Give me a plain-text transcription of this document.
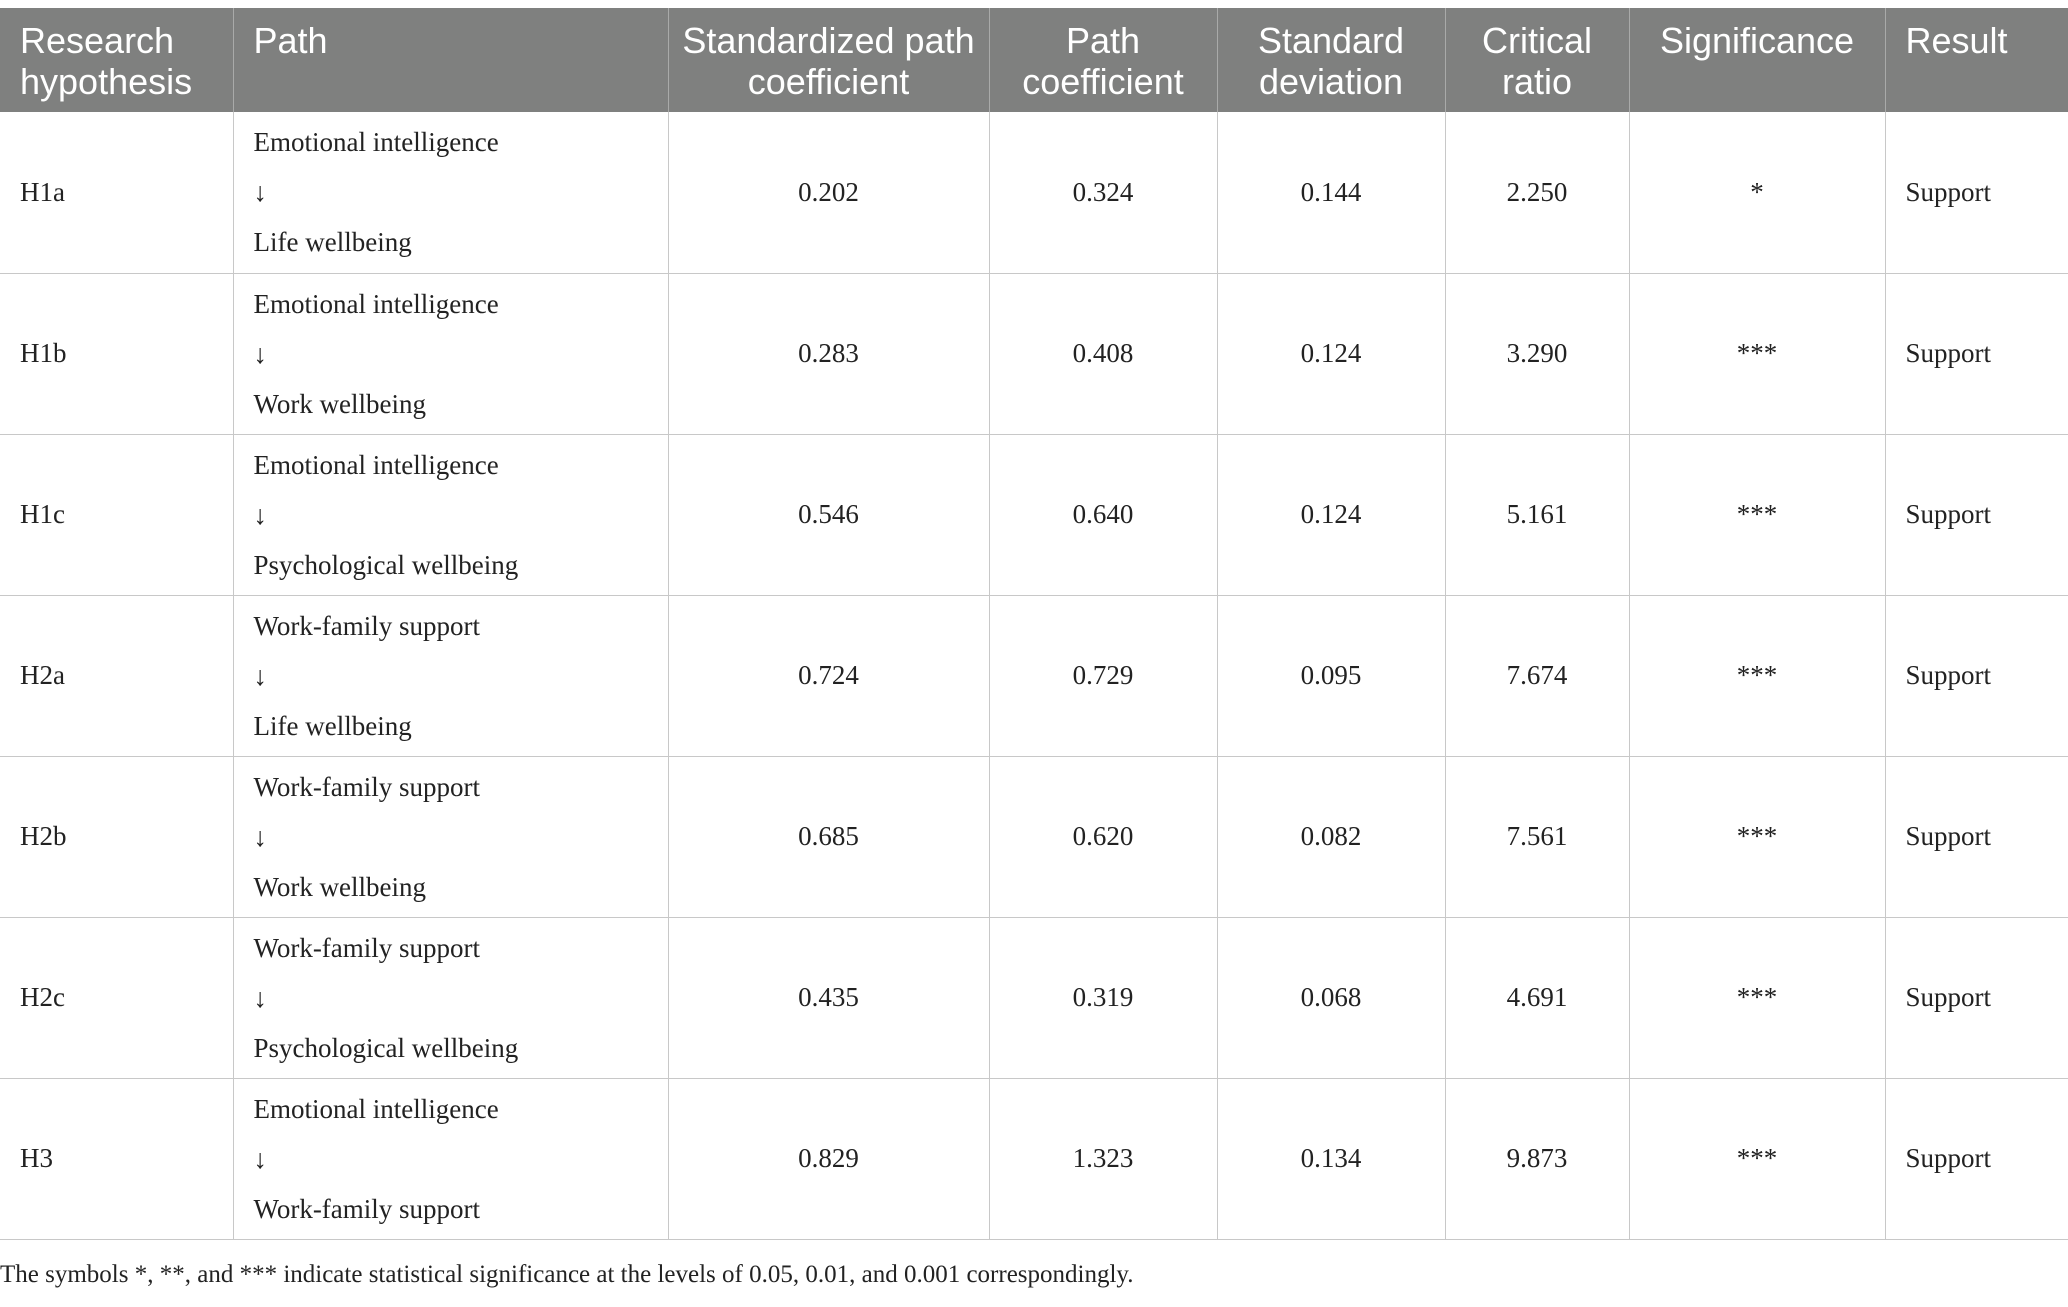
Research hypothesis	Path	Standardized path coefficient	Path coefficient	Standard deviation	Critical ratio	Significance	Result
H1a	Emotional intelligence
↓
Life wellbeing	0.202	0.324	0.144	2.250	*	Support
H1b	Emotional intelligence
↓
Work wellbeing	0.283	0.408	0.124	3.290	***	Support
H1c	Emotional intelligence
↓
Psychological wellbeing	0.546	0.640	0.124	5.161	***	Support
H2a	Work-family support
↓
Life wellbeing	0.724	0.729	0.095	7.674	***	Support
H2b	Work-family support
↓
Work wellbeing	0.685	0.620	0.082	7.561	***	Support
H2c	Work-family support
↓
Psychological wellbeing	0.435	0.319	0.068	4.691	***	Support
H3	Emotional intelligence
↓
Work-family support	0.829	1.323	0.134	9.873	***	Support
The symbols *, **, and *** indicate statistical significance at the levels of 0.05, 0.01, and 0.001 correspondingly.
